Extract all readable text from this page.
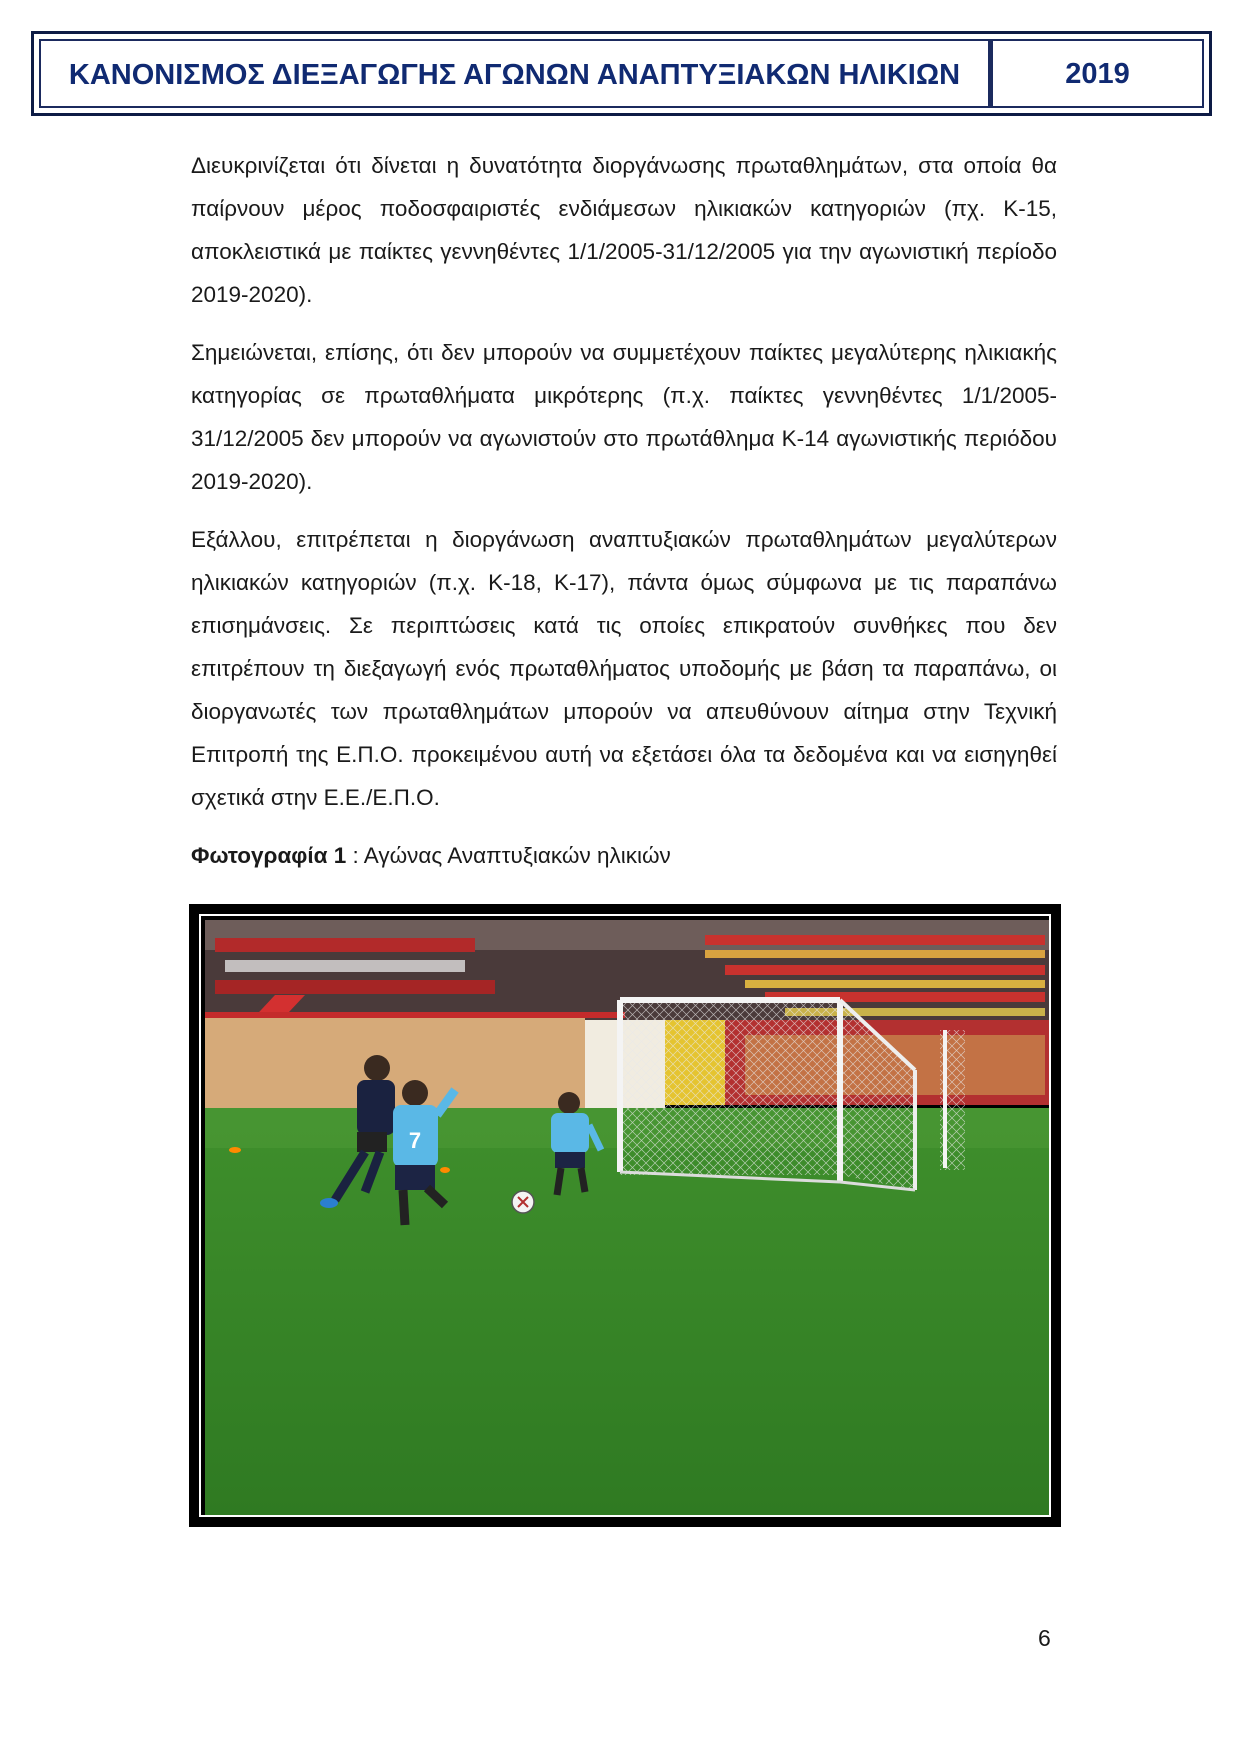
ΚΑΝΟΝΙΣΜΟΣ ΔΙΕΞΑΓΩΓΗΣ ΑΓΩΝΩΝ ΑΝΑΠΤΥΞΙΑΚΩΝ ΗΛΙΚΙΩΝ	2019

Διευκρινίζεται ότι δίνεται η δυνατότητα διοργάνωσης πρωταθλημάτων, στα οποία θα παίρνουν μέρος ποδοσφαιριστές ενδιάμεσων ηλικιακών κατηγοριών (πχ. Κ-15, αποκλειστικά με παίκτες γεννηθέντες 1/1/2005-31/12/2005 για την αγωνιστική περίοδο 2019-2020).

Σημειώνεται, επίσης, ότι δεν μπορούν να συμμετέχουν παίκτες μεγαλύτερης ηλικιακής κατηγορίας σε πρωταθλήματα μικρότερης (π.χ. παίκτες γεννηθέντες 1/1/2005-31/12/2005 δεν μπορούν να αγωνιστούν στο πρωτάθλημα Κ-14 αγωνιστικής περιόδου 2019-2020).

Εξάλλου, επιτρέπεται η διοργάνωση αναπτυξιακών πρωταθλημάτων μεγαλύτερων ηλικιακών κατηγοριών (π.χ. Κ-18, Κ-17), πάντα όμως σύμφωνα με τις παραπάνω επισημάνσεις. Σε περιπτώσεις κατά τις οποίες επικρατούν συνθήκες που δεν επιτρέπουν τη διεξαγωγή ενός πρωταθλήματος υποδομής με βάση τα παραπάνω, οι διοργανωτές των πρωταθλημάτων μπορούν να απευθύνουν αίτημα στην Τεχνική Επιτροπή της Ε.Π.Ο. προκειμένου αυτή να εξετάσει όλα τα δεδομένα και να εισηγηθεί σχετικά στην Ε.Ε./Ε.Π.Ο.

Φωτογραφία 1 : Αγώνας Αναπτυξιακών ηλικιών
7
6
